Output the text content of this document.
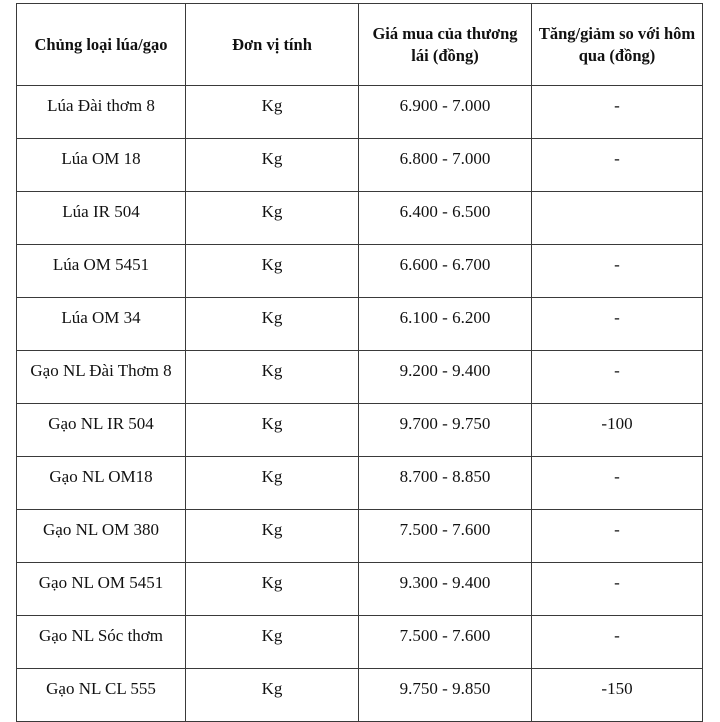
Chủng loại lúa/gạo	Đơn vị tính	Giá mua của thương lái (đồng)	Tăng/giảm so với hôm qua (đồng)
Lúa Đài thơm 8	Kg	6.900 - 7.000	-
Lúa OM 18	Kg	6.800 - 7.000	-
Lúa IR 504	Kg	6.400 - 6.500	
Lúa OM 5451	Kg	6.600 - 6.700	-
Lúa OM 34	Kg	6.100 - 6.200	-
Gạo NL Đài Thơm 8	Kg	9.200 - 9.400	-
Gạo NL IR 504	Kg	9.700 - 9.750	-100
Gạo NL OM18	Kg	8.700 - 8.850	-
Gạo NL OM 380	Kg	7.500 - 7.600	-
Gạo NL OM 5451	Kg	9.300 - 9.400	-
Gạo NL Sóc thơm	Kg	7.500 - 7.600	-
Gạo NL CL 555	Kg	9.750 - 9.850	-150
